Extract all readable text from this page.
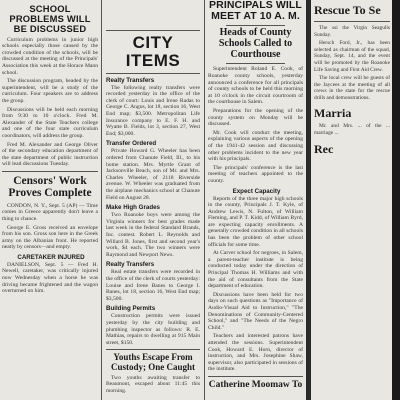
SCHOOL PROBLEMS WILL BE DISCUSSED
Curriculum problems in junior high schools especially those caused by the crowded condition of the schools, will be discussed at the meeting of the Principals' Association this week at the Horace Mann school.
The discussion program, headed by the superintendent, will be a study of the curriculum. Four speakers are to address the group.
Discussions will be held each morning from 9:30 to 10 o'clock. Fred M. Alexander of the State Teachers college and one of the four state curriculum coordinators, will address the group.
Fred M. Alexander and George Oliver of the secondary education department of the state department of public instruction will lead discussions Tuesday.
Censors' Work Proves Complete
CONDON, N. Y., Sept. 5 (AP) — Time comes in Greece apparently don't leave a thing to chance.
George E. Gross received an envelope from his son. Gross son here in the Greek army on the Albanian front. He reported neatly by censors—and empty.
CARETAKER INJURED
DANIELSON, Sept. 5 — Fred H. Newell, caretaker, was critically injured now Wednesday when a horse he was driving became frightened and the wagon overturned on him.
CITY ITEMS
Realty Transfers
The following realty transfers were recorded yesterday in the office of the clerk of court: Louis and Irene Radas to George C. Angus, lot 18, section 16, West End map; $3,500. Metropolitan Life Insurance company to E. F. H. and Wyatte B. Fields, lot 3, section 27, West End; $3,000.
Transfer Ordered
Private Howard G. Wheeler has been ordered from Chanute Field, Ill., to his home station. Mrs. Myrtle Grant of Jacksonville Beach, son of Mr. and Mrs. Charles Wheeler, of 2118 Riverside avenue. W. Wheeler was graduated from the airplane mechanics school at Chanute Field on August 28.
Make High Grades
Two Roanoke boys were among the Virginia winners for best grades made last week in the federal Standard Brands, Inc. contest. Robert L. Reynolds and Willard B. Jones, first and second year's work, $4 each. The two winners were Raymond and Newport News.
Realty Transfers
Real estate transfers were recorded in the office of the clerk of courts yesterday: Louise and Irene Banes to George I. Banes, lot 18, section 16, West End map; $3,500.
Building Permits
Construction permits were issued yesterday by the city building and plumbing inspector as follows: R. E. Mathias, repairs to dwelling at 915 Main street, $150.
Youths Escape From Custody; One Caught
Two youths awaiting transfer to Beaumont, escaped about 11:45 this morning.
PRINCIPALS WILL MEET AT 10 A. M.
Heads of County Schools Called to Courthouse
Superintendent Roland E. Cook, of Roanoke county schools, yesterday announced a conference for all principals of county schools to be held this morning at 10 o'clock in the circuit courtroom of the courthouse in Salem.
Preparations for the opening of the county system on Monday will be discussed.
Mr. Cook will conduct the meeting, explaining various aspects of the opening of the 1941-42 session and discussing other problems incident to the new year with his principals.
The principals' conference is the last meeting of teachers appointed to the county.
Expect Capacity
Reports of the three major high schools in the county, Principals J. T. Kyle, of Andrew Lewis, N. Fulton, of William Fleming, and P. T. Kidd, of William Byrd, are expecting capacity enrollments. A generally crowded condition in all schools has been the problem of other school officials for some time.
At Carver school for negroes, in Salem, a parent-teacher institute is being conducted today under the direction of Principal Thomas H. Williams and with the aid of consultants from the State department of education.
Discussions have been held for two days on such questions as "Importance of Audio-Visual Aid to Instruction," "The Denominations of Community-Centered School," and "The Needs of the Negro Child."
Teachers and interested patrons have attended the sessions. Superintendent Cook, Howard E. Horn, director of instruction, and Mrs. Josephine Shaw, supervisor, also participated in sessions of the institute.
Catherine Moomaw To
Rescue To Se
The ssi the Virgin Seagulls Sunday.
Hersch Ford, Jr., has been selected as chairman of the squad, Sunday, Sept. 14, and the event will be promoted by the Roanoke Life Saving and First Aid Crew.
The local crew will be guests of the Jaycees at the meeting of all crews in the state for the rescue drills and demonstrations.
Marria
Mr. and Mrs. ... of the ... marriage ...
Rec
